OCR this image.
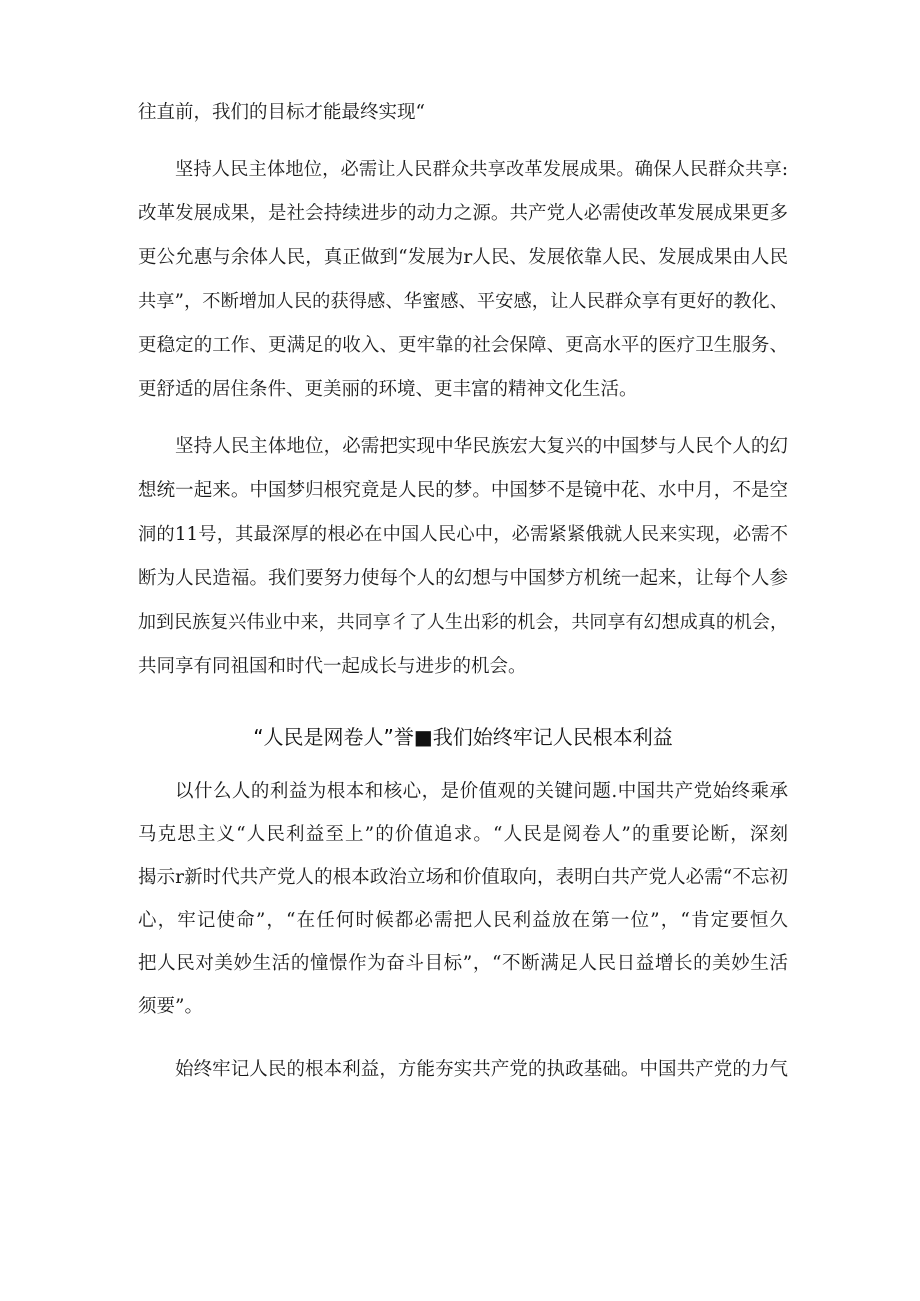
往直前，我们的目标才能最终实现“
坚持人民主体地位，必需让人民群众共享改革发展成果。确保人民群众共享:
改革发展成果，是社会持续进步的动力之源。共产党人必需使改革发展成果更多
更公允惠与余体人民，真正做到“发展为r人民、发展依靠人民、发展成果由人民
共享”，不断增加人民的获得感、华蜜感、平安感，让人民群众享有更好的教化、
更稳定的工作、更满足的收入、更牢靠的社会保障、更高水平的医疗卫生服务、
更舒适的居住条件、更美丽的环境、更丰富的精神文化生活。
坚持人民主体地位，必需把实现中华民族宏大复兴的中国梦与人民个人的幻
想统一起来。中国梦归根究竟是人民的梦。中国梦不是镜中花、水中月，不是空
洞的11号，其最深厚的根必在中国人民心中，必需紧紧俄就人民来实现，必需不
断为人民造福。我们要努力使每个人的幻想与中国梦方机统一起来，让每个人参
加到民族复兴伟业中来，共同享彳了人生出彩的机会，共同享有幻想成真的机会，
共同享有同祖国和时代一起成长与进步的机会。
“人民是网卷人”誉■我们始终牢记人民根本利益
以什么人的利益为根本和核心，是价值观的关键问题.中国共产党始终乘承
马克思主义“人民利益至上”的价值追求。“人民是阅卷人”的重要论断，深刻
揭示r新时代共产党人的根本政治立场和价值取向，表明白共产党人必需“不忘初
心，牢记使命”，“在任何时候都必需把人民利益放在第一位”，“肯定要恒久
把人民对美妙生活的憧憬作为奋斗目标”，“不断满足人民日益增长的美妙生活
须要”。
始终牢记人民的根本利益，方能夯实共产党的执政基础。中国共产党的力气
